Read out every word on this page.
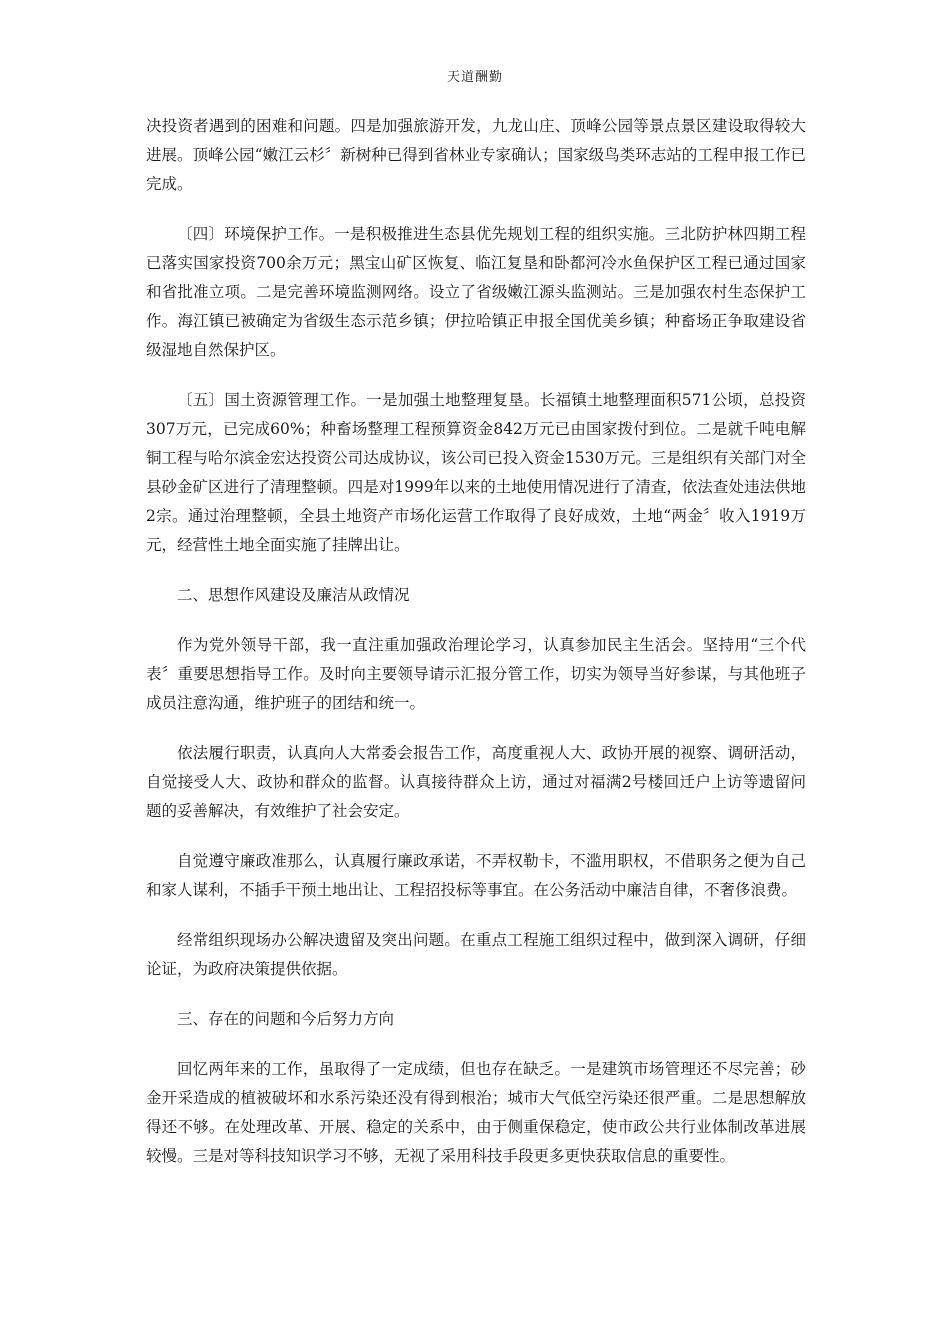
天道酬勤

决投资者遇到的困难和问题。四是加强旅游开发，九龙山庄、顶峰公园等景点景区建设取得较大进展。顶峰公园“嫩江云杉〞新树种已得到省林业专家确认；国家级鸟类环志站的工程申报工作已完成。

〔四〕环境保护工作。一是积极推进生态县优先规划工程的组织实施。三北防护林四期工程已落实国家投资700余万元；黑宝山矿区恢复、临江复垦和卧都河冷水鱼保护区工程已通过国家和省批准立项。二是完善环境监测网络。设立了省级嫩江源头监测站。三是加强农村生态保护工作。海江镇已被确定为省级生态示范乡镇；伊拉哈镇正申报全国优美乡镇；种畜场正争取建设省级湿地自然保护区。

〔五〕国土资源管理工作。一是加强土地整理复垦。长福镇土地整理面积571公顷，总投资307万元，已完成60%；种畜场整理工程预算资金842万元已由国家拨付到位。二是就千吨电解铜工程与哈尔滨金宏达投资公司达成协议，该公司已投入资金1530万元。三是组织有关部门对全县砂金矿区进行了清理整顿。四是对1999年以来的土地使用情况进行了清查，依法查处违法供地2宗。通过治理整顿，全县土地资产市场化运营工作取得了良好成效，土地“两金〞收入1919万元，经营性土地全面实施了挂牌出让。

二、思想作风建设及廉洁从政情况

作为党外领导干部，我一直注重加强政治理论学习，认真参加民主生活会。坚持用“三个代表〞重要思想指导工作。及时向主要领导请示汇报分管工作，切实为领导当好参谋，与其他班子成员注意沟通，维护班子的团结和统一。

依法履行职责，认真向人大常委会报告工作，高度重视人大、政协开展的视察、调研活动，自觉接受人大、政协和群众的监督。认真接待群众上访，通过对福满2号楼回迁户上访等遗留问题的妥善解决，有效维护了社会安定。

自觉遵守廉政准那么，认真履行廉政承诺，不弄权勒卡，不滥用职权，不借职务之便为自己和家人谋利，不插手干预土地出让、工程招投标等事宜。在公务活动中廉洁自律，不奢侈浪费。

经常组织现场办公解决遗留及突出问题。在重点工程施工组织过程中，做到深入调研，仔细论证，为政府决策提供依据。

三、存在的问题和今后努力方向

回忆两年来的工作，虽取得了一定成绩，但也存在缺乏。一是建筑市场管理还不尽完善；砂金开采造成的植被破坏和水系污染还没有得到根治；城市大气低空污染还很严重。二是思想解放得还不够。在处理改革、开展、稳定的关系中，由于侧重保稳定，使市政公共行业体制改革进展较慢。三是对等科技知识学习不够，无视了采用科技手段更多更快获取信息的重要性。
